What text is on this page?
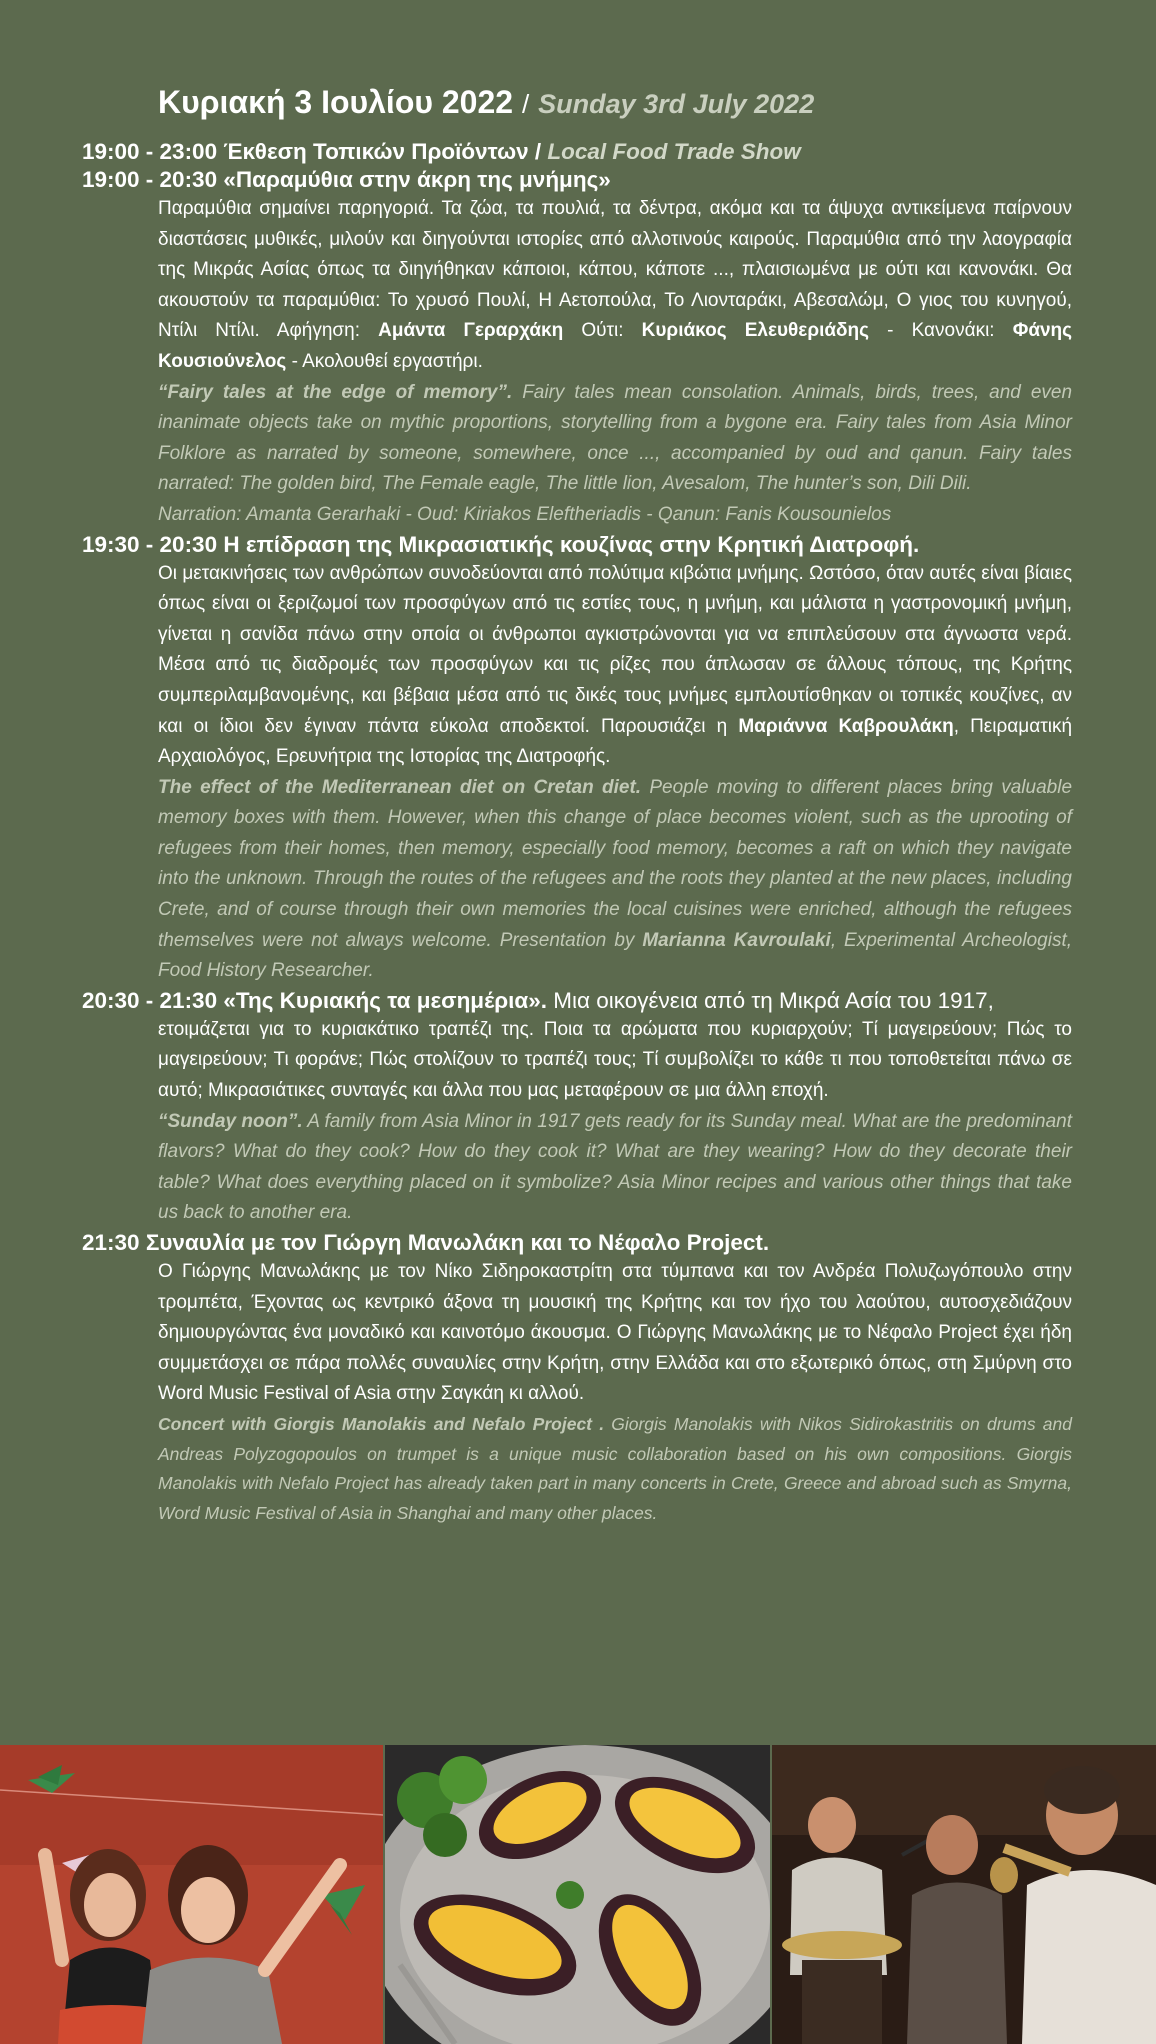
Κυριακή 3 Ιουλίου 2022 / Sunday 3rd July 2022
19:00 - 23:00 Έκθεση Τοπικών Προϊόντων / Local Food Trade Show
19:00 - 20:30 «Παραμύθια στην άκρη της μνήμης»

Παραμύθια σημαίνει παρηγοριά. Τα ζώα, τα πουλιά, τα δέντρα, ακόμα και τα άψυχα αντικείμενα παίρνουν διαστάσεις μυθικές, μιλούν και διηγούνται ιστορίες από αλλοτινούς καιρούς. Παραμύθια από την λαογραφία της Μικράς Ασίας όπως τα διηγήθηκαν κάποιοι, κάπου, κάποτε ..., πλαισιωμένα με ούτι και κανονάκι. Θα ακουστούν τα παραμύθια: Το χρυσό Πουλί, Η Αετοπούλα, Το Λιονταράκι, Αβεσαλώμ, Ο γιος του κυνηγού, Ντίλι Ντίλι. Αφήγηση: Αμάντα Γεραρχάκη Ούτι: Κυριάκος Ελευθεριάδης - Κανονάκι: Φάνης Κουσιούνελος - Ακολουθεί εργαστήρι.

“Fairy tales at the edge of memory”. Fairy tales mean consolation. Animals, birds, trees, and even inanimate objects take on mythic proportions, storytelling from a bygone era. Fairy tales from Asia Minor Folklore as narrated by someone, somewhere, once ..., accompanied by oud and qanun. Fairy tales narrated: The golden bird, The Female eagle, The little lion, Avesalom, The hunter’s son, Dili Dili.

Narration: Amanta Gerarhaki - Oud: Kiriakos Eleftheriadis - Qanun: Fanis Kousounielos

19:30 - 20:30 Η επίδραση της Μικρασιατικής κουζίνας στην Κρητική Διατροφή.

Οι μετακινήσεις των ανθρώπων συνοδεύονται από πολύτιμα κιβώτια μνήμης. Ωστόσο, όταν αυτές είναι βίαιες όπως είναι οι ξεριζωμοί των προσφύγων από τις εστίες τους, η μνήμη, και μάλιστα η γαστρονομική μνήμη, γίνεται η σανίδα πάνω στην οποία οι άνθρωποι αγκιστρώνονται για να επιπλεύσουν στα άγνωστα νερά. Μέσα από τις διαδρομές των προσφύγων και τις ρίζες που άπλωσαν σε άλλους τόπους, της Κρήτης συμπεριλαμβανομένης, και βέβαια μέσα από τις δικές τους μνήμες εμπλουτίσθηκαν οι τοπικές κουζίνες, αν και οι ίδιοι δεν έγιναν πάντα εύκολα αποδεκτοί. Παρουσιάζει η Μαριάννα Καβρουλάκη, Πειραματική Αρχαιολόγος, Ερευνήτρια της Ιστορίας της Διατροφής.

The effect of the Mediterranean diet on Cretan diet. People moving to different places bring valuable memory boxes with them. However, when this change of place becomes violent, such as the uprooting of refugees from their homes, then memory, especially food memory, becomes a raft on which they navigate into the unknown. Through the routes of the refugees and the roots they planted at the new places, including Crete, and of course through their own memories the local cuisines were enriched, although the refugees themselves were not always welcome. Presentation by Marianna Kavroulaki, Experimental Archeologist, Food History Researcher.

20:30 - 21:30 «Της Κυριακής τα μεσημέρια». Μια οικογένεια από τη Μικρά Ασία του 1917,

ετοιμάζεται για το κυριακάτικο τραπέζι της. Ποια τα αρώματα που κυριαρχούν; Τί μαγειρεύουν; Πώς το μαγειρεύουν; Τι φοράνε; Πώς στολίζουν το τραπέζι τους; Τί συμβολίζει το κάθε τι που τοποθετείται πάνω σε αυτό; Μικρασιάτικες συνταγές και άλλα που μας μεταφέρουν σε μια άλλη εποχή.

“Sunday noon”. A family from Asia Minor in 1917 gets ready for its Sunday meal. What are the predominant flavors? What do they cook? How do they cook it? What are they wearing? How do they decorate their table? What does everything placed on it symbolize? Asia Minor recipes and various other things that take us back to another era.

21:30 Συναυλία με τον Γιώργη Μανωλάκη και το Νέφαλο Project.

Ο Γιώργης Μανωλάκης με τον Νίκο Σιδηροκαστρίτη στα τύμπανα και τον Ανδρέα Πολυζωγόπουλο στην τρομπέτα, Έχοντας ως κεντρικό άξονα τη μουσική της Κρήτης και τον ήχο του λαούτου, αυτοσχεδιάζουν δημιουργώντας ένα μοναδικό και καινοτόμο άκουσμα. Ο Γιώργης Μανωλάκης με το Νέφαλο Project έχει ήδη συμμετάσχει σε πάρα πολλές συναυλίες στην Κρήτη, στην Ελλάδα και στο εξωτερικό όπως, στη Σμύρνη στο Word Music Festival of Asia στην Σαγκάη κι αλλού.

Concert with Giorgis Manolakis and Nefalo Project . Giorgis Manolakis with Nikos Sidirokastritis on drums and Andreas Polyzogopoulos on trumpet is a unique music collaboration based on his own compositions. Giorgis Manolakis with Nefalo Project has already taken part in many concerts in Crete, Greece and abroad such as Smyrna, Word Music Festival of Asia in Shanghai and many other places.
